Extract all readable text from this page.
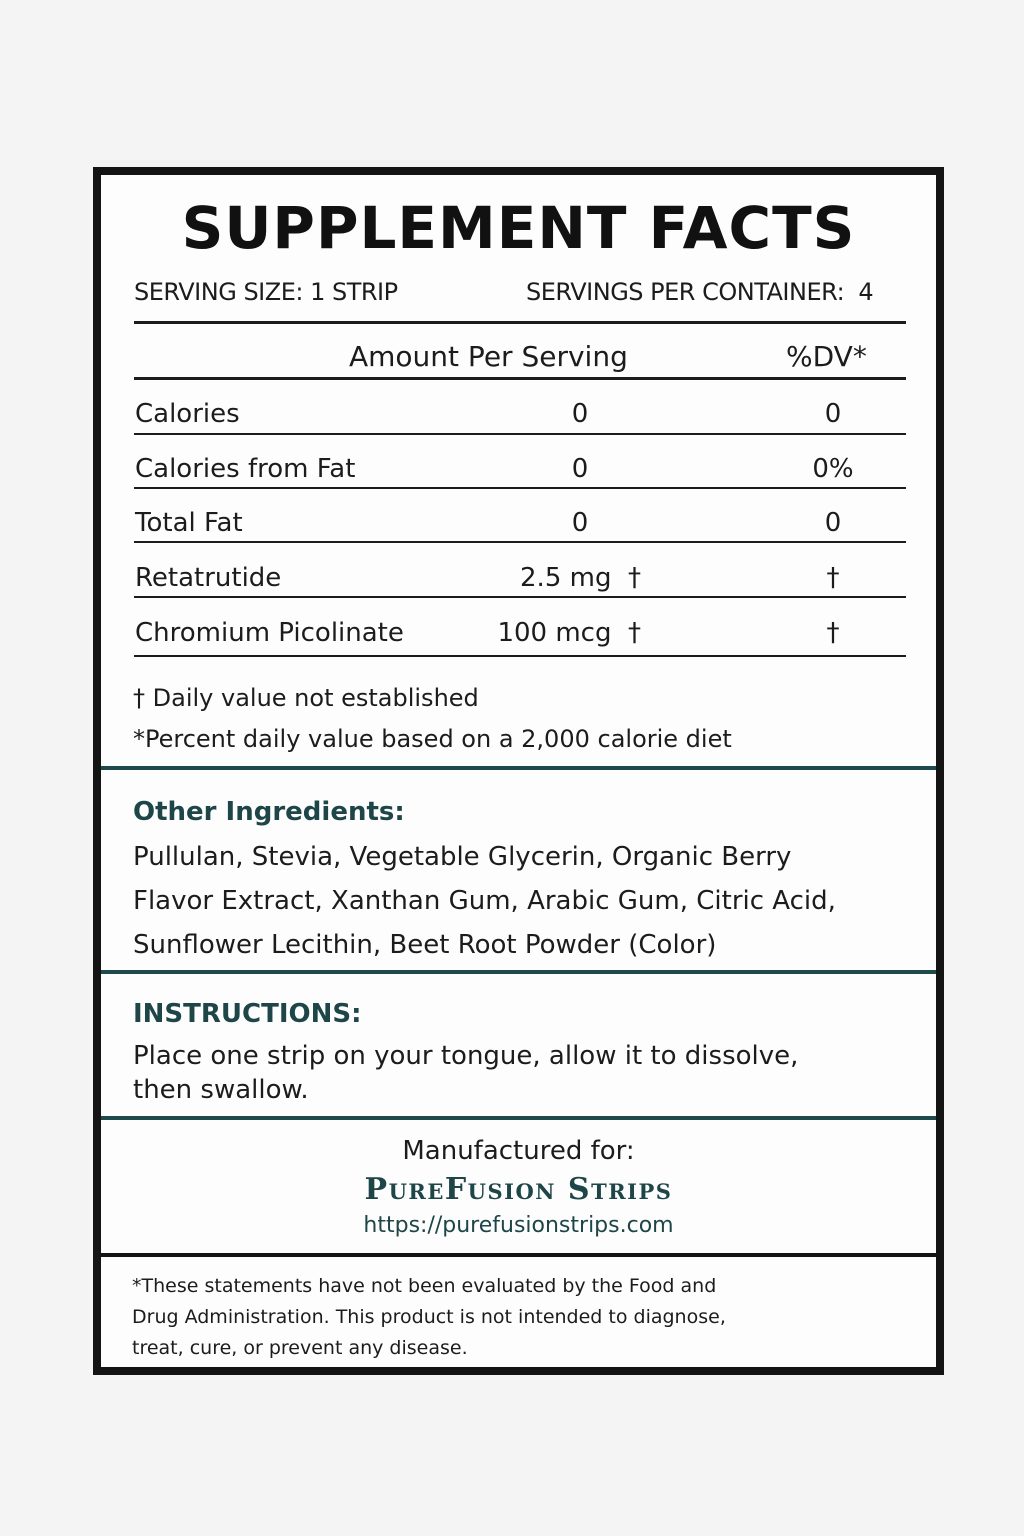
SUPPLEMENT FACTS
SERVING SIZE: 1 STRIP	SERVINGS PER CONTAINER:  4
Amount Per Serving	%DV*
Calories	0	0
Calories from Fat	0	0%
Total Fat	0	0
Retatrutide	2.5 mg  †	†
Chromium Picolinate	100 mcg  †	†
† Daily value not established
*Percent daily value based on a 2,000 calorie diet
Other Ingredients:
Pullulan, Stevia, Vegetable Glycerin, Organic Berry
Flavor Extract, Xanthan Gum, Arabic Gum, Citric Acid,
Sunflower Lecithin, Beet Root Powder (Color)
INSTRUCTIONS:
Place one strip on your tongue, allow it to dissolve,
then swallow.
Manufactured for:
PureFusion Strips
https://purefusionstrips.com
*These statements have not been evaluated by the Food and
Drug Administration. This product is not intended to diagnose,
treat, cure, or prevent any disease.
